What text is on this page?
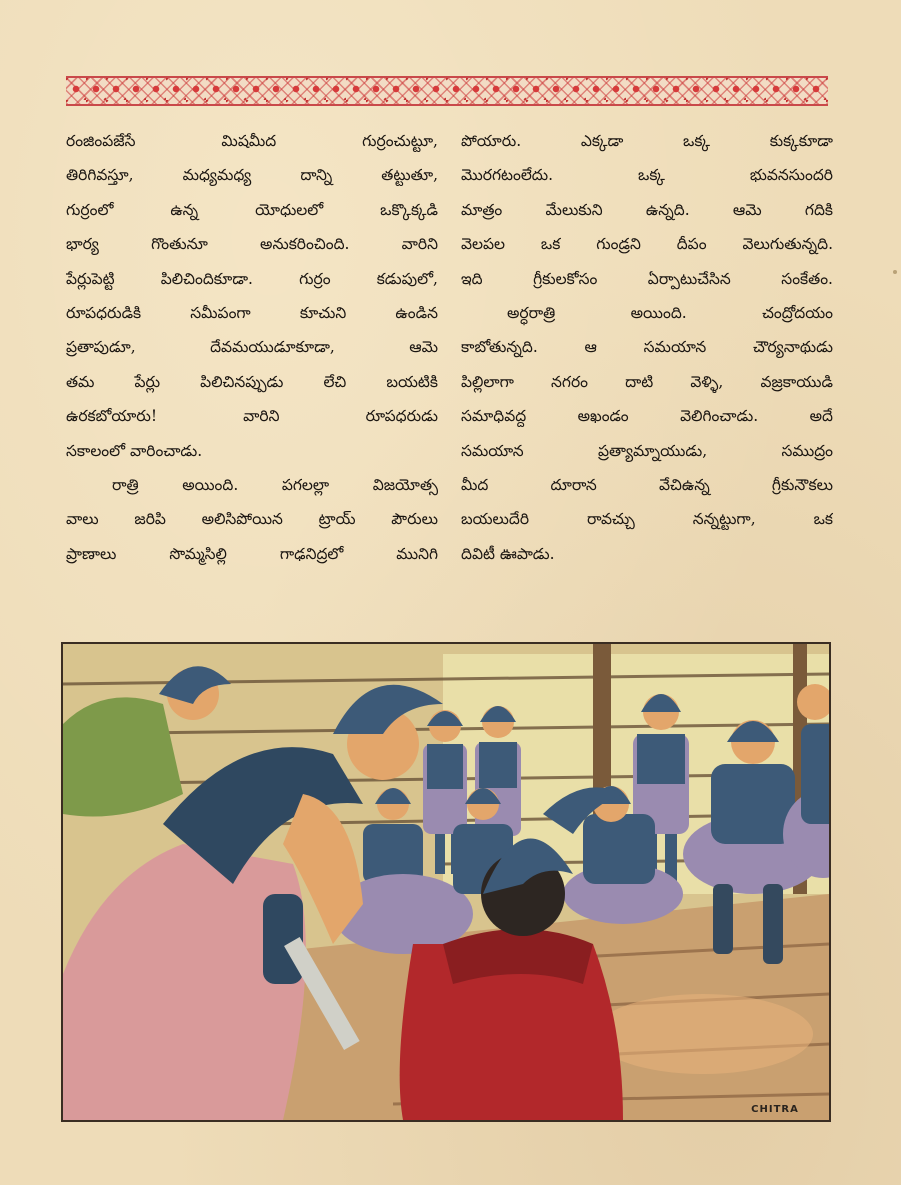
రంజింపజేసే మిషమీద గుర్రంచుట్టూ,
తిరిగివస్తూ, మధ్యమధ్య దాన్ని తట్టుతూ,
గుర్రంలో ఉన్న యోధులలో ఒక్కొక్కడి
భార్య గొంతునూ అనుకరించింది. వారిని
పేర్లుపెట్టి పిలిచిందికూడా. గుర్రం కడుపులో,
రూపధరుడికి సమీపంగా కూచుని ఉండిన
ప్రతాపుడూ, దేవమయుడూకూడా, ఆమె
తమ పేర్లు పిలిచినప్పుడు లేచి బయటికి
ఉరకబోయారు! వారిని రూపధరుడు
సకాలంలో వారించాడు.
రాత్రి అయింది. పగలల్లా విజయోత్స
వాలు జరిపి అలిసిపోయిన ట్రాయ్ పౌరులు
ప్రాణాలు సొమ్మసిల్లి గాఢనిద్రలో మునిగి
పోయారు. ఎక్కడా ఒక్క కుక్కకూడా
మొరగటంలేదు. ఒక్క భువనసుందరి
మాత్రం మేలుకుని ఉన్నది. ఆమె గదికి
వెలపల ఒక గుండ్రని దీపం వెలుగుతున్నది.
ఇది గ్రీకులకోసం ఏర్పాటుచేసిన సంకేతం.
అర్ధరాత్రి అయింది. చంద్రోదయం
కాబోతున్నది. ఆ సమయాన చౌర్యనాథుడు
పిల్లిలాగా నగరం దాటి వెళ్ళి, వజ్రకాయుడి
సమాధివద్ద అఖండం వెలిగించాడు. అదే
సమయాన ప్రత్యామ్నాయుడు, సముద్రం
మీద దూరాన వేచిఉన్న గ్రీకునౌకలు
బయలుదేరి రావచ్చు నన్నట్టుగా, ఒక
దివిటీ ఊపాడు.
CHITRA
